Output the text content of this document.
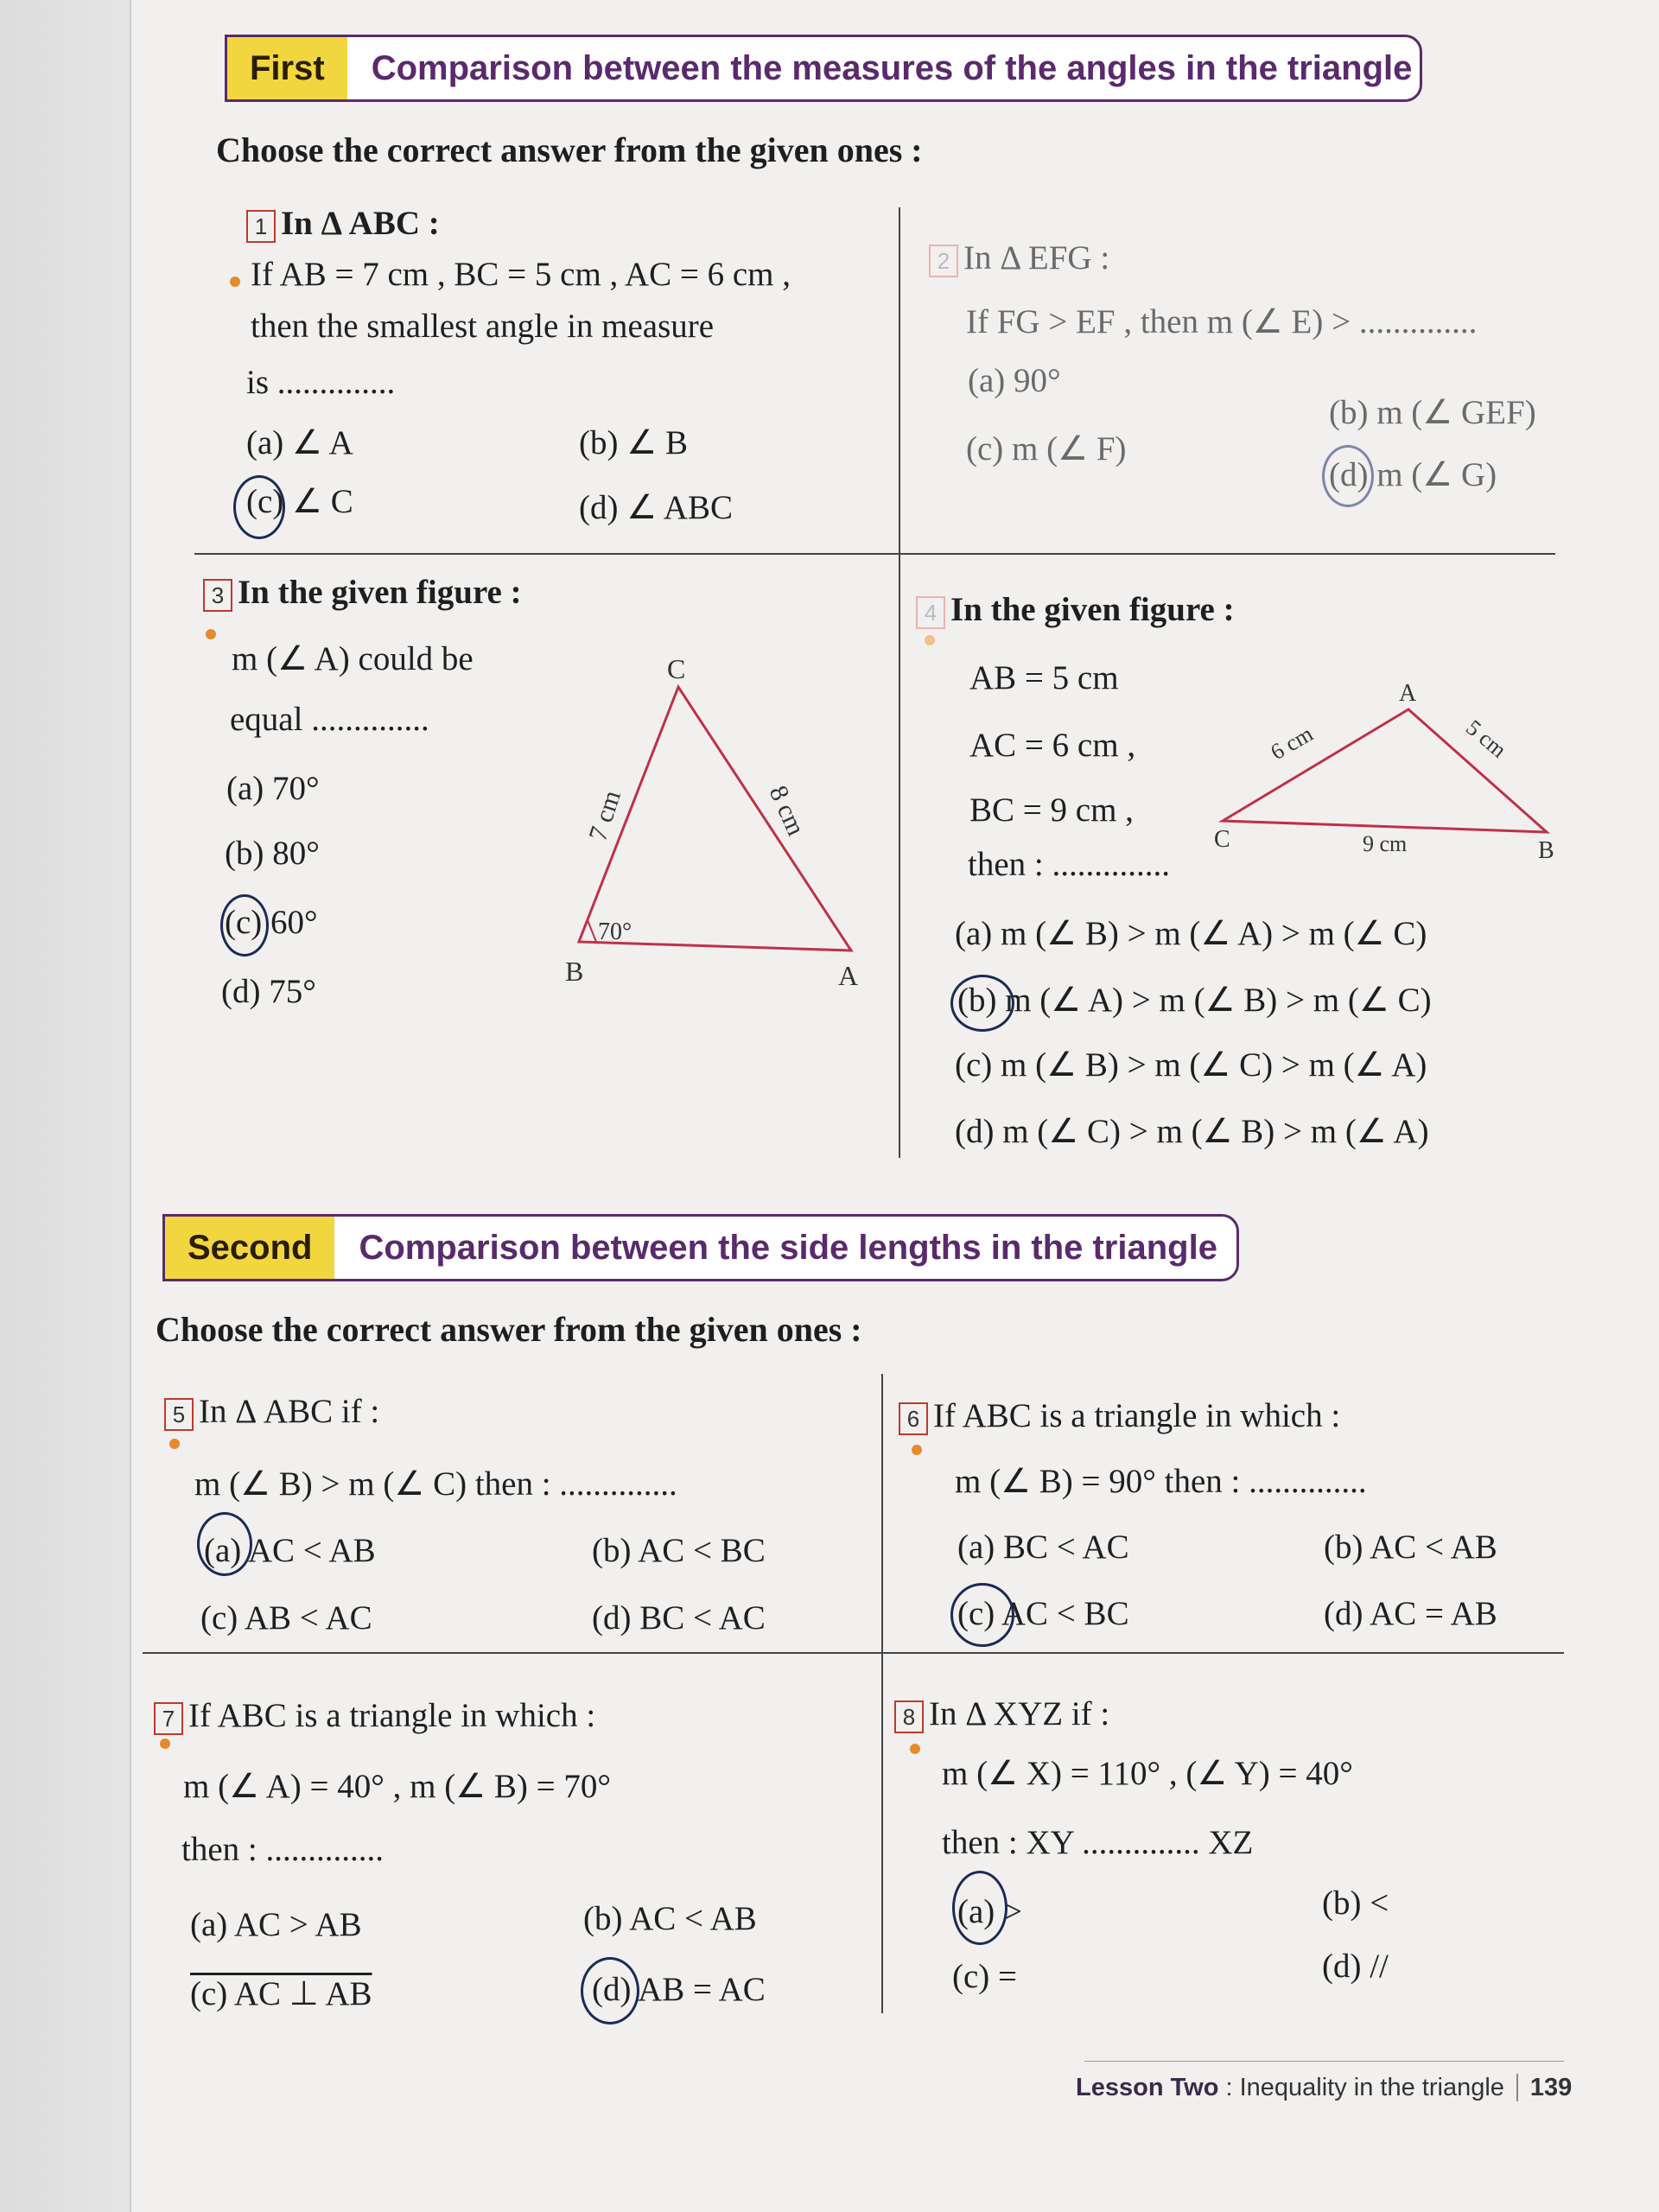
First	Comparison between the measures of the angles in the triangle
Choose the correct answer from the given ones :
1 In Δ ABC :
If AB = 7 cm , BC = 5 cm , AC = 6 cm ,
then the smallest angle in measure
is ..............
(a) ∠ A	(b) ∠ B
(c) ∠ C	(d) ∠ ABC
2 In Δ EFG :
If FG > EF , then m (∠ E) > ..............
(a) 90°
(b) m (∠ GEF)
(c) m (∠ F)
(d) m (∠ G)
3 In the given figure :
m (∠ A) could be
equal ..............
(a) 70°
(b) 80°
(c) 60°
(d) 75°
C
B	A
7 cm	8 cm
70°
4 In the given figure :
AB = 5 cm
AC = 6 cm ,
BC = 9 cm ,
then : ..............
(a) m (∠ B) > m (∠ A) > m (∠ C)
(b) m (∠ A) > m (∠ B) > m (∠ C)
(c) m (∠ B) > m (∠ C) > m (∠ A)
(d) m (∠ C) > m (∠ B) > m (∠ A)
A
C	B
6 cm	5 cm
9 cm
Second	Comparison between the side lengths in the triangle
Choose the correct answer from the given ones :
5 In Δ ABC if :
m (∠ B) > m (∠ C) then : ..............
(a) AC < AB	(b) AC < BC
(c) AB < AC	(d) BC < AC
6 If ABC is a triangle in which :
m (∠ B) = 90° then : ..............
(a) BC < AC	(b) AC < AB
(c) AC < BC	(d) AC = AB
7 If ABC is a triangle in which :
m (∠ A) = 40° , m (∠ B) = 70°
then : ..............
(a) AC > AB	(b) AC < AB
(c) AC ⊥ AB	(d) AB = AC
8 In Δ XYZ if :
m (∠ X) = 110° , (∠ Y) = 40°
then : XY .............. XZ
(a) >	(b) <
(c) =	(d) //
Lesson Two : Inequality in the triangle 139
